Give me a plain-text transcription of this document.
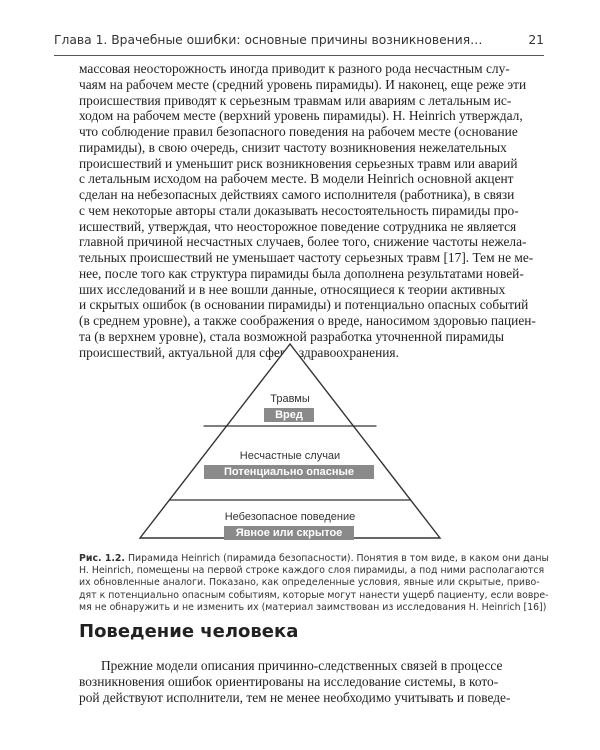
Глава 1. Врачебные ошибки: основные причины возникновения…	21
массовая неосторожность иногда приводит к разного рода несчастным слу-
чаям на рабочем месте (средний уровень пирамиды). И наконец, еще реже эти
происшествия приводят к серьезным травмам или авариям с летальным ис-
ходом на рабочем месте (верхний уровень пирамиды). H. Heinrich утверждал,
что соблюдение правил безопасного поведения на рабочем месте (основание
пирамиды), в свою очередь, снизит частоту возникновения нежелательных
происшествий и уменьшит риск возникновения серьезных травм или аварий
с летальным исходом на рабочем месте. В модели Heinrich основной акцент
сделан на небезопасных действиях самого исполнителя (работника), в связи
с чем некоторые авторы стали доказывать несостоятельность пирамиды про-
исшествий, утверждая, что неосторожное поведение сотрудника не является
главной причиной несчастных случаев, более того, снижение частоты нежела-
тельных происшествий не уменьшает частоту серьезных травм [17]. Тем не ме-
нее, после того как структура пирамиды была дополнена результатами новей-
ших исследований и в нее вошли данные, относящиеся к теории активных
и скрытых ошибок (в основании пирамиды) и потенциально опасных событий
(в среднем уровне), а также соображения о вреде, наносимом здоровью пациен-
та (в верхнем уровне), стала возможной разработка уточненной пирамиды
происшествий, актуальной для сферы здравоохранения.
Травмы
Вред
Несчастные случаи
Потенциально опасные события
Небезопасное поведение
Явное или скрытое
Рис. 1.2. Пирамида Heinrich (пирамида безопасности). Понятия в том виде, в каком они даны
H. Heinrich, помещены на первой строке каждого слоя пирамиды, а под ними располагаются
их обновленные аналоги. Показано, как определенные условия, явные или скрытые, приво-
дят к потенциально опасным событиям, которые могут нанести ущерб пациенту, если вовре-
мя не обнаружить и не изменить их (материал заимствован из исследования H. Heinrich [16])
Поведение человека
Прежние модели описания причинно-следственных связей в процессе
возникновения ошибок ориентированы на исследование системы, в кото-
рой действуют исполнители, тем не менее необходимо учитывать и поведе-
